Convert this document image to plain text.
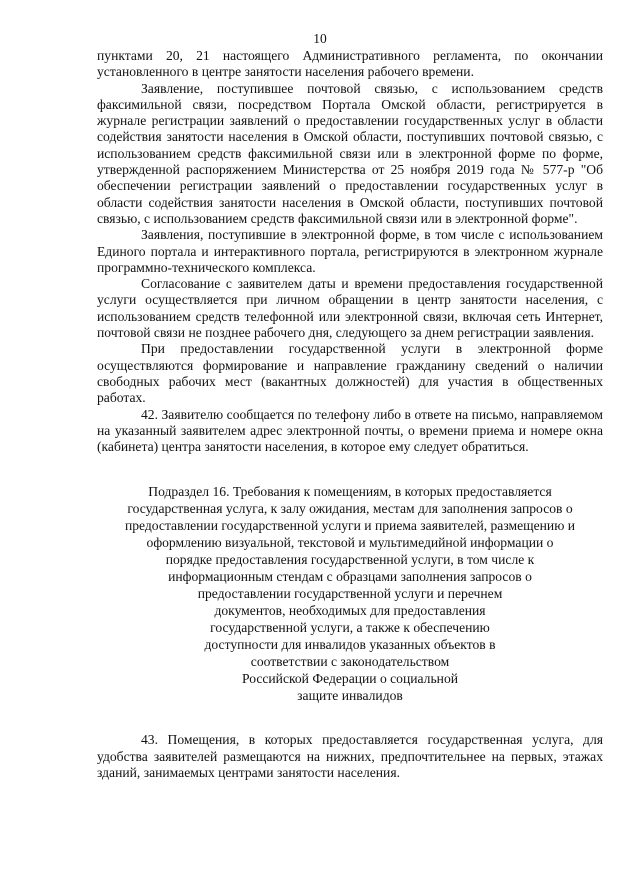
10

пунктами 20, 21 настоящего Административного регламента, по окончании установленного в центре занятости населения рабочего времени.

Заявление, поступившее почтовой связью, с использованием средств факсимильной связи, посредством Портала Омской области, регистрируется в журнале регистрации заявлений о предоставлении государственных услуг в области содействия занятости населения в Омской области, поступивших почтовой связью, с использованием средств факсимильной связи или в электронной форме по форме, утвержденной распоряжением Министерства от 25 ноября 2019 года № 577-р "Об обеспечении регистрации заявлений о предоставлении государственных услуг в области содействия занятости населения в Омской области, поступивших почтовой связью, с использованием средств факсимильной связи или в электронной форме".

Заявления, поступившие в электронной форме, в том числе с использованием Единого портала и интерактивного портала, регистрируются в электронном журнале программно-технического комплекса.

Согласование с заявителем даты и времени предоставления государственной услуги осуществляется при личном обращении в центр занятости населения, с использованием средств телефонной или электронной связи, включая сеть Интернет, почтовой связи не позднее рабочего дня, следующего за днем регистрации заявления.

При предоставлении государственной услуги в электронной форме осуществляются формирование и направление гражданину сведений о наличии свободных рабочих мест (вакантных должностей) для участия в общественных работах.

42. Заявителю сообщается по телефону либо в ответе на письмо, направляемом на указанный заявителем адрес электронной почты, о времени приема и номере окна (кабинета) центра занятости населения, в которое ему следует обратиться.

Подраздел 16. Требования к помещениям, в которых предоставляется
государственная услуга, к залу ожидания, местам для заполнения запросов о
предоставлении государственной услуги и приема заявителей, размещению и
оформлению визуальной, текстовой и мультимедийной информации о
порядке предоставления государственной услуги, в том числе к
информационным стендам с образцами заполнения запросов о
предоставлении государственной услуги и перечнем
документов, необходимых для предоставления
государственной услуги, а также к обеспечению
доступности для инвалидов указанных объектов в
соответствии с законодательством
Российской Федерации о социальной
защите инвалидов

43. Помещения, в которых предоставляется государственная услуга, для удобства заявителей размещаются на нижних, предпочтительнее на первых, этажах зданий, занимаемых центрами занятости населения.
